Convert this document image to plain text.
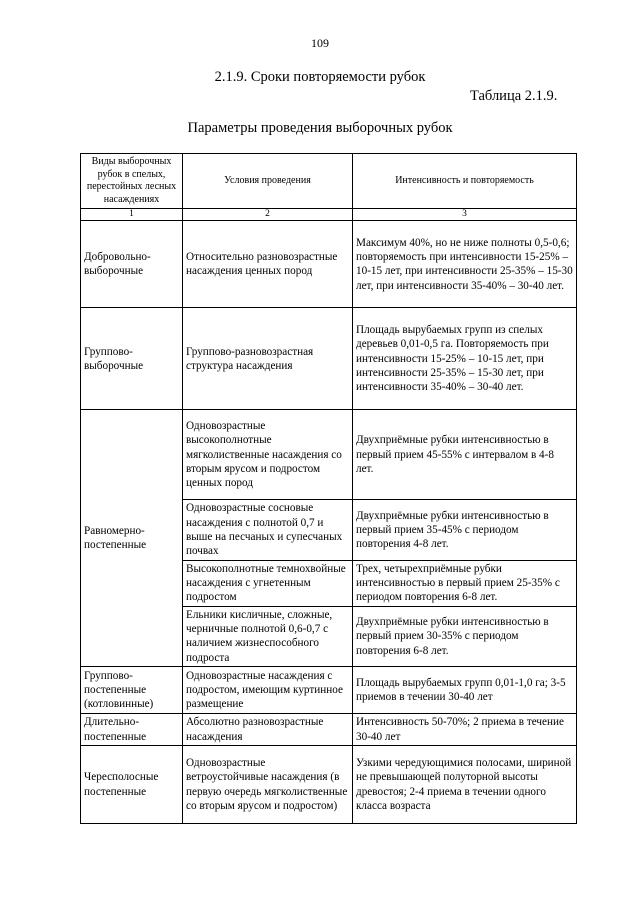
109
2.1.9. Сроки повторяемости рубок
Таблица 2.1.9.
Параметры проведения выборочных рубок
Виды выборочных рубок в спелых, перестойных лесных насаждениях	Условия проведения	Интенсивность и повторяемость
1	2	3
Добровольно-выборочные	Относительно разновозрастные насаждения ценных пород	Максимум 40%, но не ниже полноты 0,5-0,6; повторяемость при интенсивности 15-25% – 10-15 лет, при интенсивности 25-35% – 15-30 лет, при интенсивности 35-40% – 30-40 лет.
Группово-выборочные	Группово-разновозрастная структура насаждения	Площадь вырубаемых групп из спелых деревьев 0,01-0,5 га. Повторяемость при интенсивности 15-25% – 10-15 лет, при интенсивности 25-35% – 15-30 лет, при интенсивности 35-40% – 30-40 лет.
Равномерно-постепенные	Одновозрастные высокополнотные мягколиственные насаждения со вторым ярусом и подростом ценных пород	Двухприёмные рубки интенсивностью в первый прием 45-55% с интервалом в 4-8 лет.
	Одновозрастные сосновые насаждения с полнотой 0,7 и выше на песчаных и супесчаных почвах	Двухприёмные рубки интенсивностью в первый прием 35-45% с периодом повторения 4-8 лет.
	Высокополнотные темнохвойные насаждения с угнетенным подростом	Трех, четырехприёмные рубки интенсивностью в первый прием 25-35% с периодом повторения 6-8 лет.
	Ельники кисличные, сложные, черничные полнотой 0,6-0,7 с наличием жизнеспособного подроста	Двухприёмные рубки интенсивностью в первый прием 30-35% с периодом повторения 6-8 лет.
Группово-постепенные (котловинные)	Одновозрастные насаждения с подростом, имеющим куртинное размещение	Площадь вырубаемых групп 0,01-1,0 га; 3-5 приемов в течении 30-40 лет
Длительно-постепенные	Абсолютно разновозрастные насаждения	Интенсивность 50-70%; 2 приема в течение 30-40 лет
Чересполосные постепенные	Одновозрастные ветроустойчивые насаждения (в первую очередь мягколиственные со вторым ярусом и подростом)	Узкими чередующимися полосами, шириной не превышающей полуторной высоты древостоя; 2-4 приема в течении одного класса возраста
